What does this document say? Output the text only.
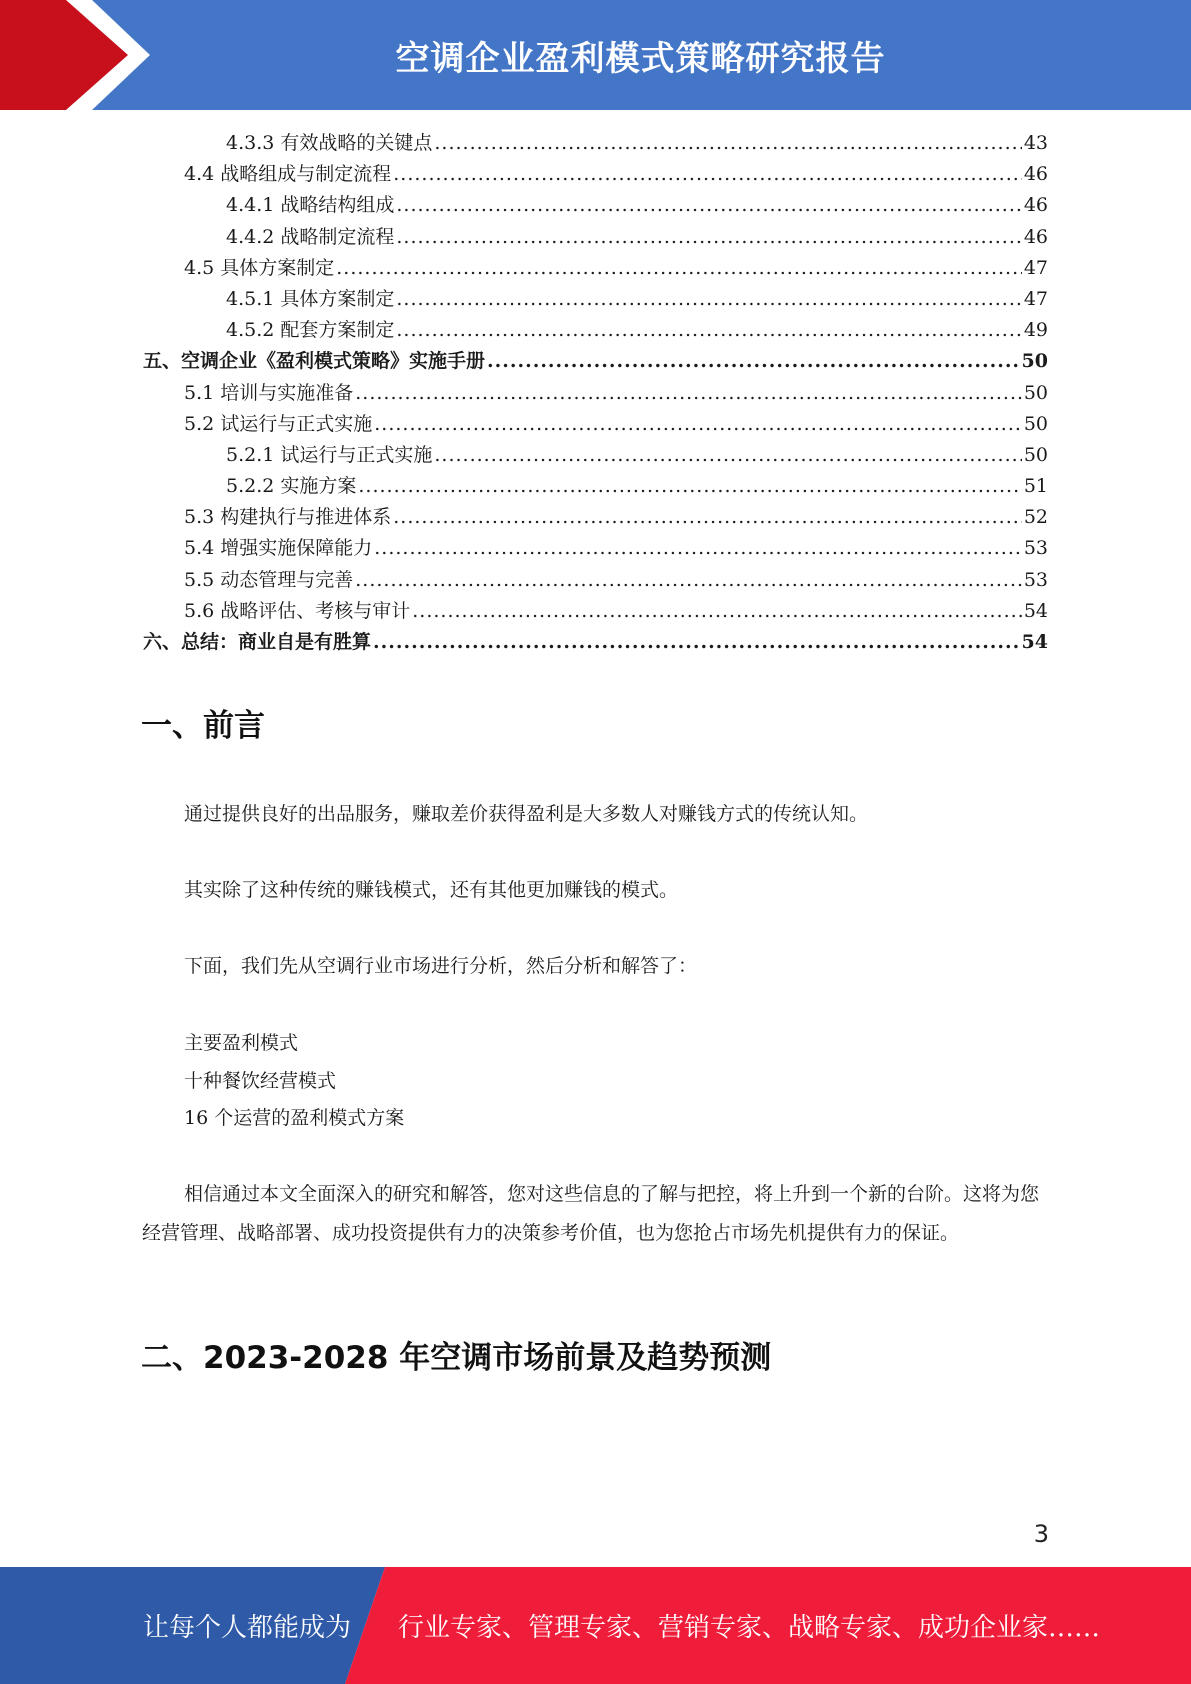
空调企业盈利模式策略研究报告
4.3.3 有效战略的关键点 .....	43
4.4 战略组成与制定流程 .....	46
4.4.1 战略结构组成 .....	46
4.4.2 战略制定流程 .....	46
4.5 具体方案制定 .....	47
4.5.1 具体方案制定 .....	47
4.5.2 配套方案制定 .....	49
五、空调企业《盈利模式策略》实施手册 .....	50
5.1 培训与实施准备 .....	50
5.2 试运行与正式实施 .....	50
5.2.1 试运行与正式实施 .....	50
5.2.2 实施方案 .....	51
5.3 构建执行与推进体系 .....	52
5.4 增强实施保障能力 .....	53
5.5 动态管理与完善 .....	53
5.6 战略评估、考核与审计 .....	54
六、总结：商业自是有胜算 .....	54
一、前言

通过提供良好的出品服务，赚取差价获得盈利是大多数人对赚钱方式的传统认知。

其实除了这种传统的赚钱模式，还有其他更加赚钱的模式。

下面，我们先从空调行业市场进行分析，然后分析和解答了：

主要盈利模式
十种餐饮经营模式
16 个运营的盈利模式方案

相信通过本文全面深入的研究和解答，您对这些信息的了解与把控，将上升到一个新的台阶。这将为您经营管理、战略部署、成功投资提供有力的决策参考价值，也为您抢占市场先机提供有力的保证。

二、2023-2028 年空调市场前景及趋势预测
3
让每个人都能成为 行业专家、管理专家、营销专家、战略专家、成功企业家……
